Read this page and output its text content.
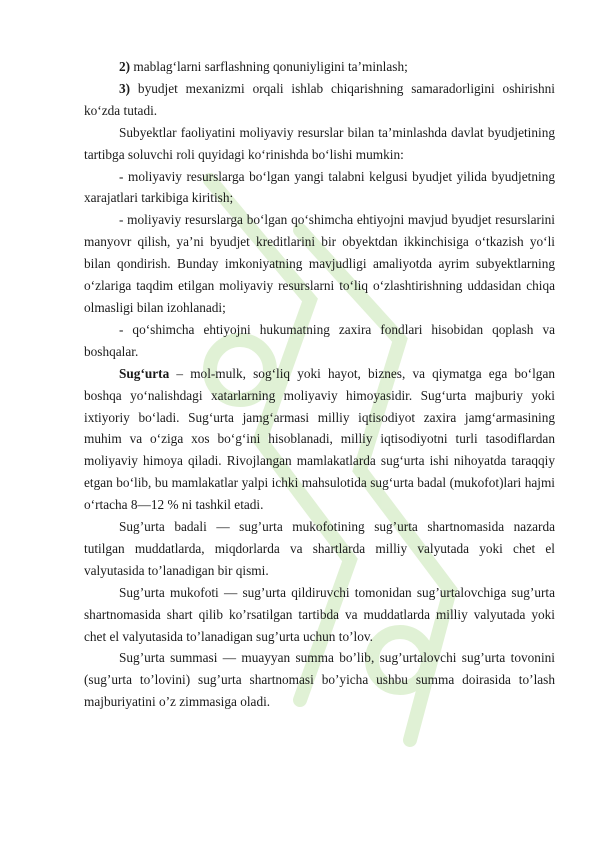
2) mablag‘larni sarflashning qonuniyligini ta’minlash;

3) byudjet mexanizmi orqali ishlab chiqarishning samaradorligini oshirishni ko‘zda tutadi.

Subyektlar faoliyatini moliyaviy resurslar bilan ta’minlashda davlat byudjetining tartibga soluvchi roli quyidagi ko‘rinishda bo‘lishi mumkin:

- moliyaviy resurslarga bo‘lgan yangi talabni kelgusi byudjet yilida byudjetning xarajatlari tarkibiga kiritish;

- moliyaviy resurslarga bo‘lgan qo‘shimcha ehtiyojni mavjud byudjet resurslarini manyovr qilish, ya’ni byudjet kreditlarini bir obyektdan ikkinchisiga o‘tkazish yo‘li bilan qondirish. Bunday imkoniyatning mavjudligi amaliyotda ayrim subyektlarning o‘zlariga taqdim etilgan moliyaviy resurslarni to‘liq o‘zlashtirishning uddasidan chiqa olmasligi bilan izohlanadi;

- qo‘shimcha ehtiyojni hukumatning zaxira fondlari hisobidan qoplash va boshqalar.

Sug‘urta – mol-mulk, sog‘liq yoki hayot, biznes, va qiymatga ega bo‘lgan boshqa yo‘nalishdagi xatarlarning moliyaviy himoyasidir. Sug‘urta majburiy yoki ixtiyoriy bo‘ladi. Sug‘urta jamg‘armasi milliy iqtisodiyot zaxira jamg‘armasining muhim va o‘ziga xos bo‘g‘ini hisoblanadi, milliy iqtisodiyotni turli tasodiflardan moliyaviy himoya qiladi. Rivojlangan mamlakatlarda sug‘urta ishi nihoyatda taraqqiy etgan bo‘lib, bu mamlakatlar yalpi ichki mahsulotida sug‘urta badal (mukofot)lari hajmi o‘rtacha 8—12 % ni tashkil etadi.

Sug’urta badali — sug’urta mukofotining sug’urta shartnomasida nazarda tutilgan muddatlarda, miqdorlarda va shartlarda milliy valyutada yoki chet el valyutasida to’lanadigan bir qismi.

Sug’urta mukofoti — sug’urta qildiruvchi tomonidan sug’urtalovchiga sug’urta shartnomasida shart qilib ko’rsatilgan tartibda va muddatlarda milliy valyutada yoki chet el valyutasida to’lanadigan sug’urta uchun to’lov.

Sug’urta summasi — muayyan summa bo’lib, sug’urtalovchi sug’urta tovonini (sug’urta to’lovini) sug’urta shartnomasi bo’yicha ushbu summa doirasida to’lash majburiyatini o’z zimmasiga oladi.
